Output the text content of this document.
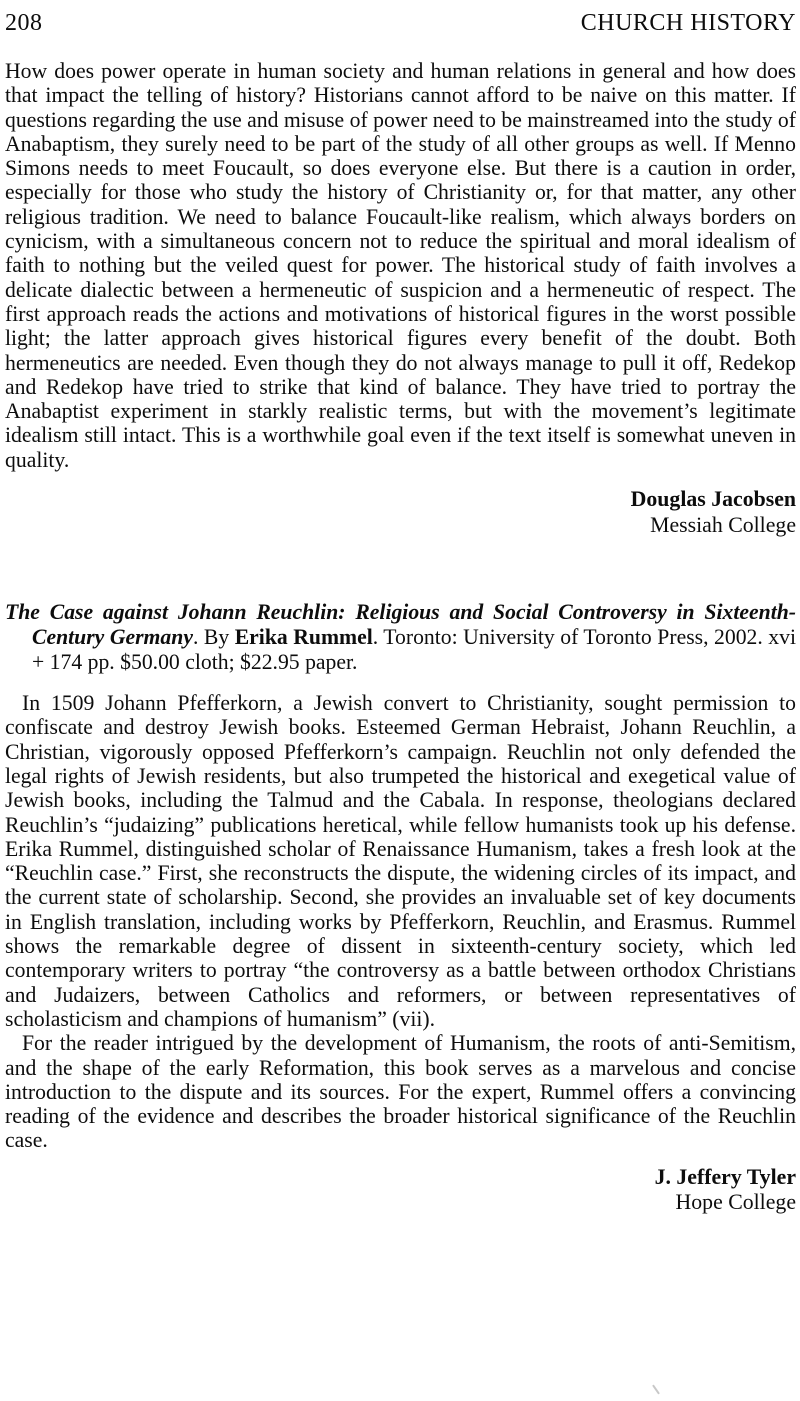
208	CHURCH HISTORY

How does power operate in human society and human relations in general and how does that impact the telling of history? Historians cannot afford to be naive on this matter. If questions regarding the use and misuse of power need to be mainstreamed into the study of Anabaptism, they surely need to be part of the study of all other groups as well. If Menno Simons needs to meet Foucault, so does everyone else. But there is a caution in order, especially for those who study the history of Christianity or, for that matter, any other religious tradition. We need to balance Foucault-like realism, which always borders on cynicism, with a simultaneous concern not to reduce the spiritual and moral idealism of faith to nothing but the veiled quest for power. The historical study of faith involves a delicate dialectic between a hermeneutic of suspicion and a hermeneutic of respect. The first approach reads the actions and motivations of historical figures in the worst possible light; the latter approach gives historical figures every benefit of the doubt. Both hermeneutics are needed. Even though they do not always manage to pull it off, Redekop and Redekop have tried to strike that kind of balance. They have tried to portray the Anabaptist experiment in starkly realistic terms, but with the movement’s legitimate idealism still intact. This is a worthwhile goal even if the text itself is somewhat uneven in quality.

Douglas Jacobsen
Messiah College

The Case against Johann Reuchlin: Religious and Social Controversy in Sixteenth-Century Germany. By Erika Rummel. Toronto: University of Toronto Press, 2002. xvi + 174 pp. $50.00 cloth; $22.95 paper.

In 1509 Johann Pfefferkorn, a Jewish convert to Christianity, sought permission to confiscate and destroy Jewish books. Esteemed German Hebraist, Johann Reuchlin, a Christian, vigorously opposed Pfefferkorn’s campaign. Reuchlin not only defended the legal rights of Jewish residents, but also trumpeted the historical and exegetical value of Jewish books, including the Talmud and the Cabala. In response, theologians declared Reuchlin’s “judaizing” publications heretical, while fellow humanists took up his defense. Erika Rummel, distinguished scholar of Renaissance Humanism, takes a fresh look at the “Reuchlin case.” First, she reconstructs the dispute, the widening circles of its impact, and the current state of scholarship. Second, she provides an invaluable set of key documents in English translation, including works by Pfefferkorn, Reuchlin, and Erasmus. Rummel shows the remarkable degree of dissent in sixteenth-century society, which led contemporary writers to portray “the controversy as a battle between orthodox Christians and Judaizers, between Catholics and reformers, or between representatives of scholasticism and champions of humanism” (vii).

For the reader intrigued by the development of Humanism, the roots of anti-Semitism, and the shape of the early Reformation, this book serves as a marvelous and concise introduction to the dispute and its sources. For the expert, Rummel offers a convincing reading of the evidence and describes the broader historical significance of the Reuchlin case.

J. Jeffery Tyler
Hope College
